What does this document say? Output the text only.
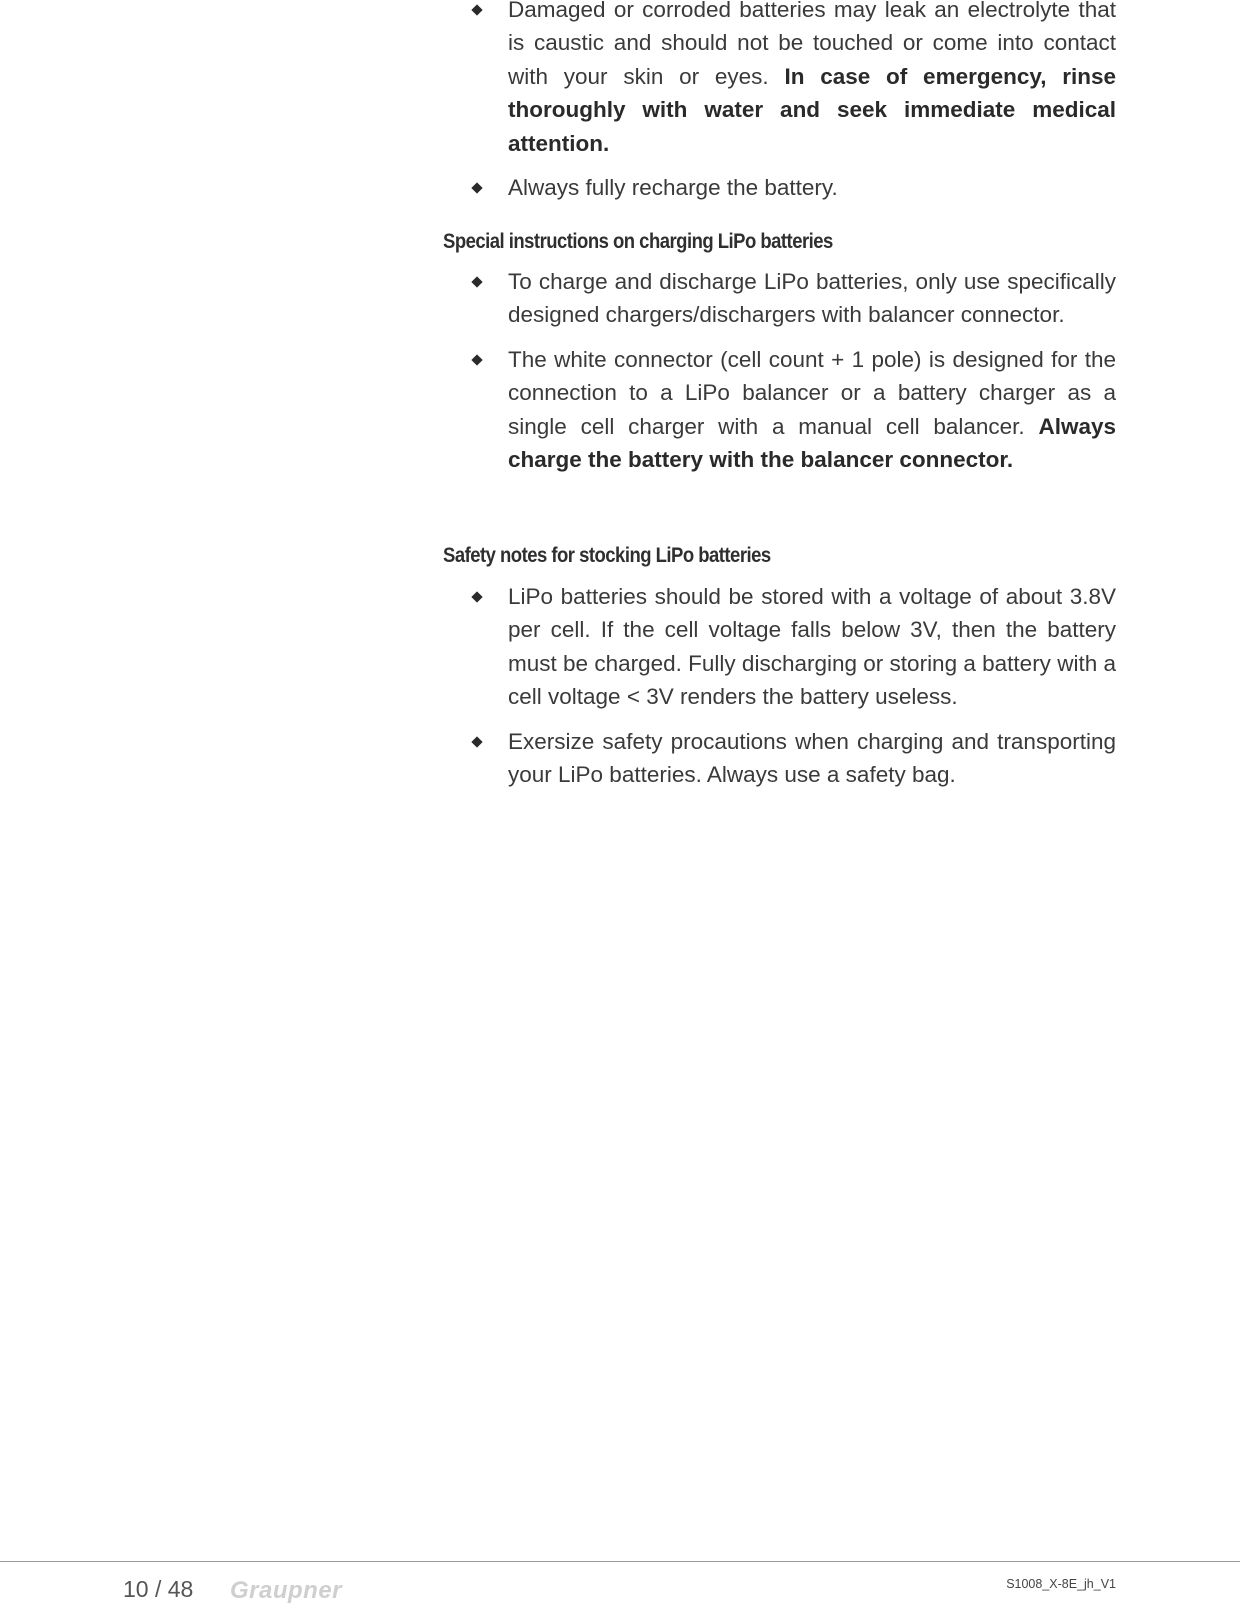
Damaged or corroded batteries may leak an electrolyte that is caustic and should not be touched or come into contact with your skin or eyes. In case of emergency, rinse thoroughly with water and seek immediate medical attention.
Always fully recharge the battery.
Special instructions on charging LiPo batteries
To charge and discharge LiPo batteries, only use specifically designed chargers/dischargers with balancer connector.
The white connector (cell count + 1 pole) is designed for the connection to a LiPo balancer or a battery charger as a single cell charger with a manual cell balancer. Always charge the battery with the balancer connector.
Safety notes for stocking LiPo batteries
LiPo batteries should be stored with a voltage of about 3.8V per cell. If the cell voltage falls below 3V, then the battery must be charged. Fully discharging or storing a battery with a cell voltage < 3V renders the battery useless.
Exersize safety procautions when charging and transporting your LiPo batteries. Always use a safety bag.
10 / 48 Graupner	S1008_X-8E_jh_V1
